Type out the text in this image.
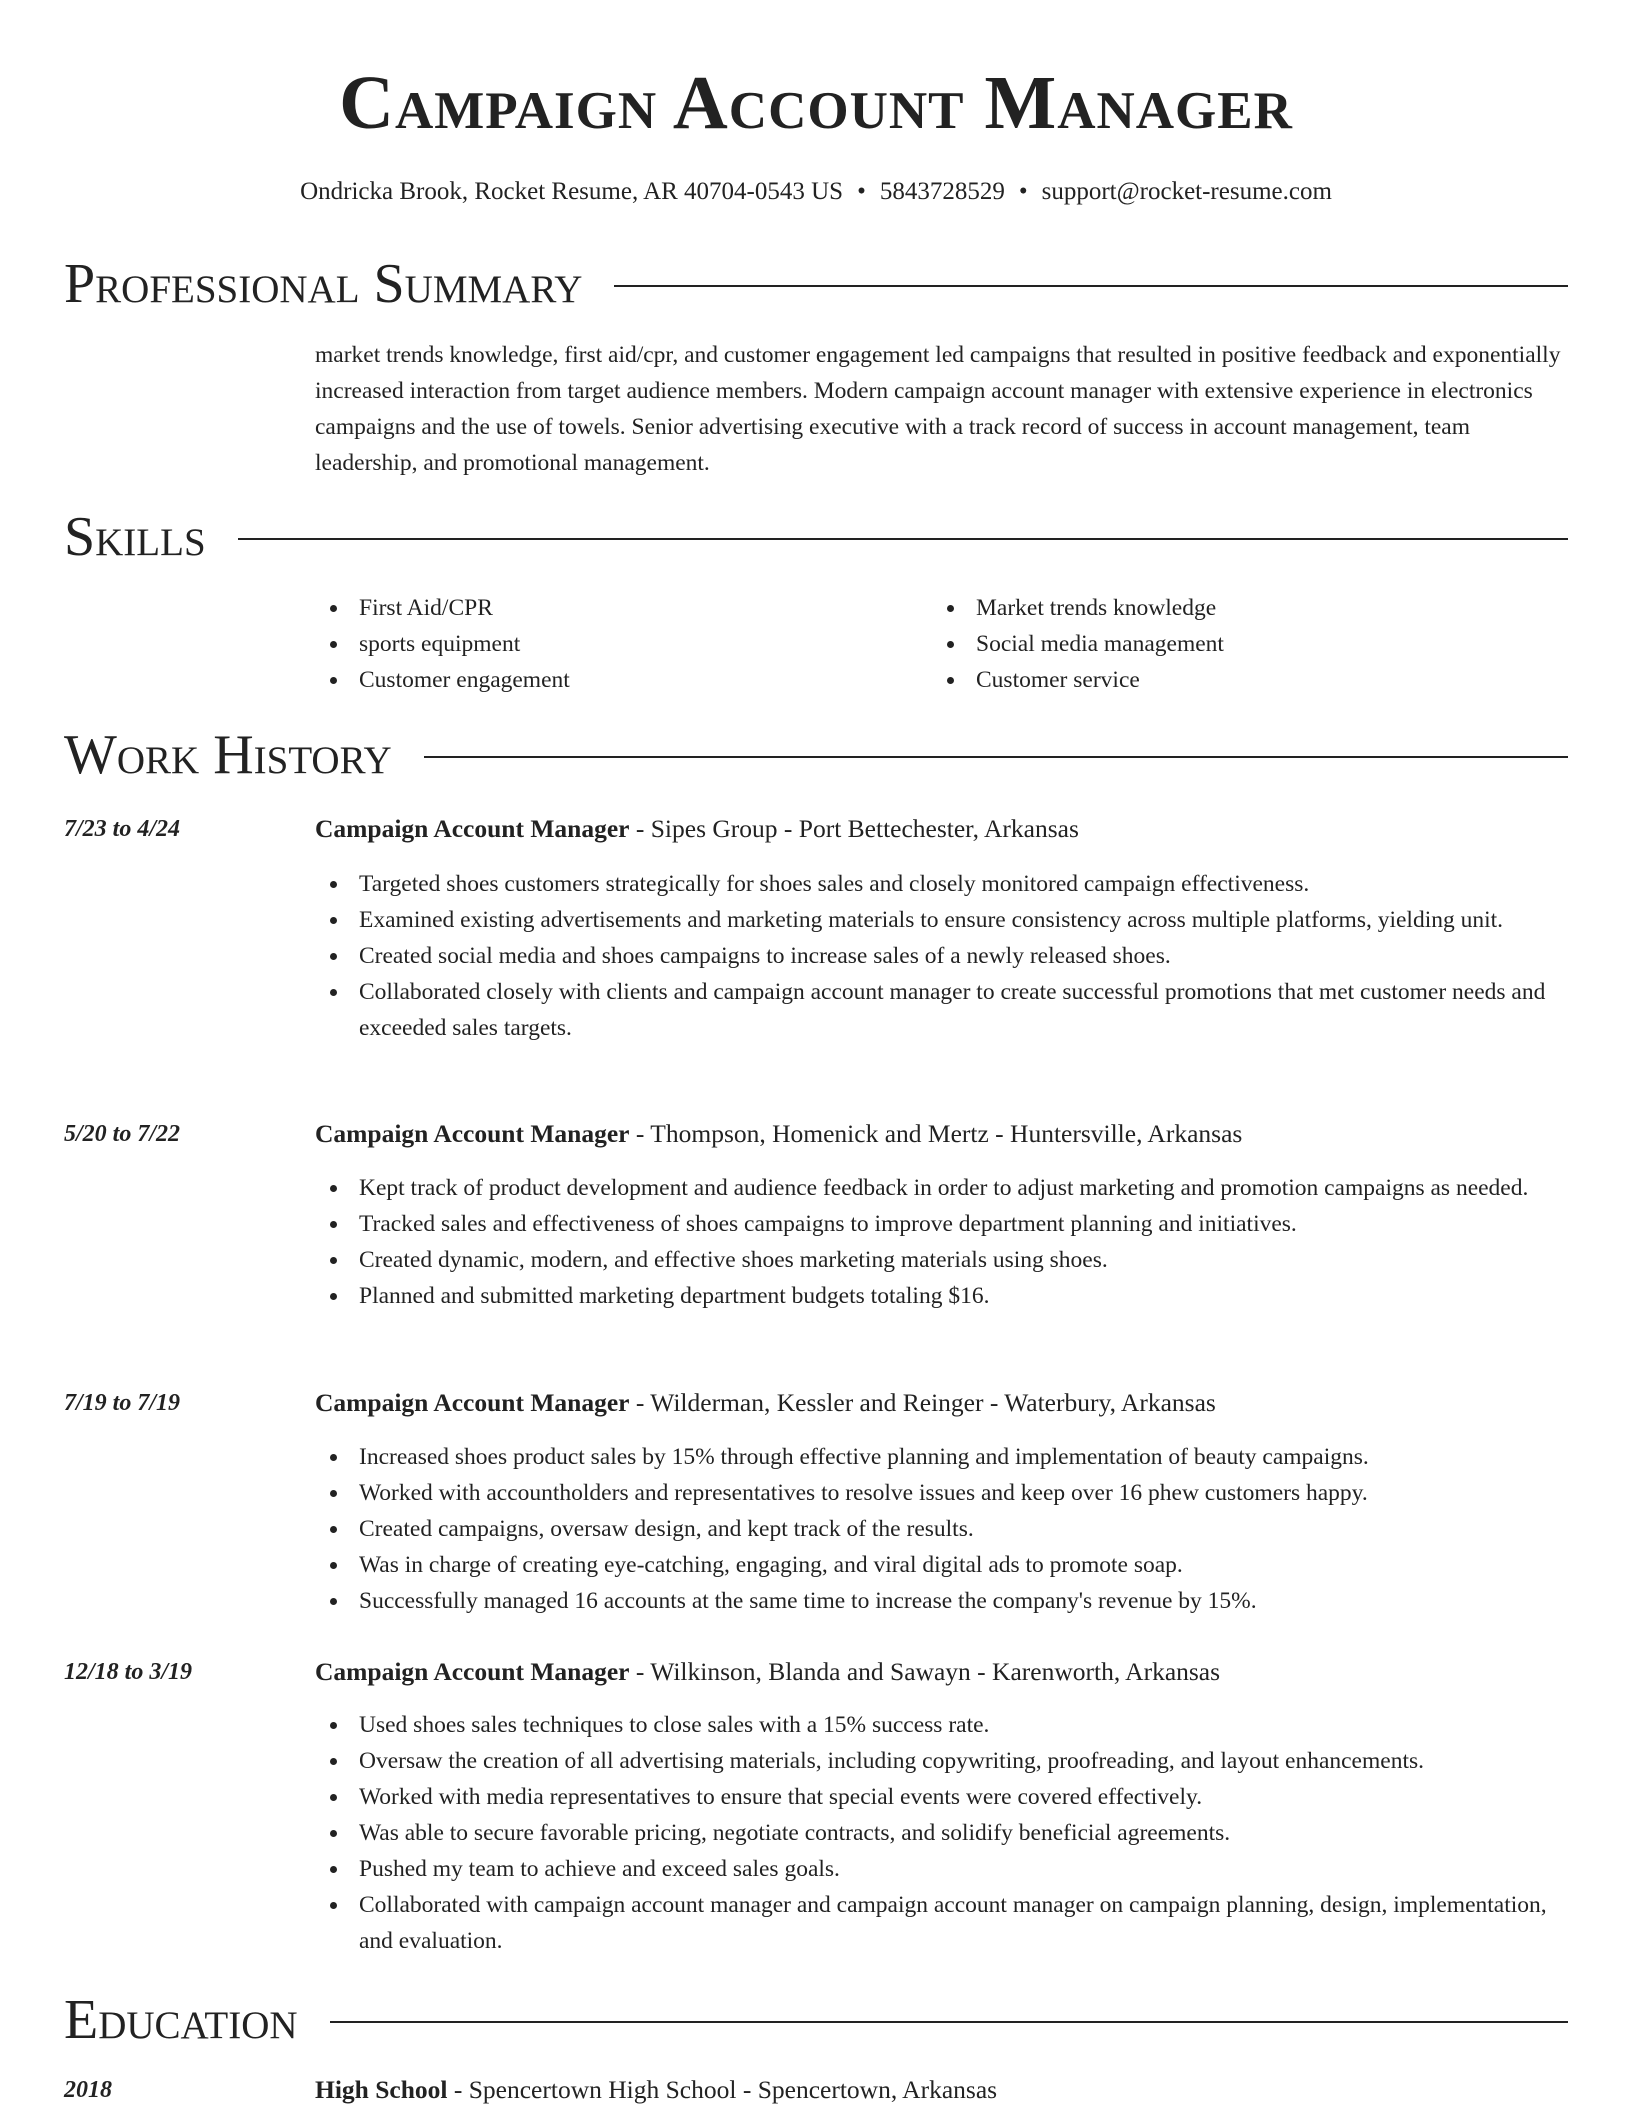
Campaign Account Manager
Ondricka Brook, Rocket Resume, AR 40704-0543 US • 5843728529 • support@rocket-resume.com
Professional Summary

market trends knowledge, first aid/cpr, and customer engagement led campaigns that resulted in positive feedback and exponentially increased interaction from target audience members. Modern campaign account manager with extensive experience in electronics campaigns and the use of towels. Senior advertising executive with a track record of success in account management, team leadership, and promotional management.

Skills
First Aid/CPR
sports equipment
Customer engagement
Market trends knowledge
Social media management
Customer service
Work History
7/23 to 4/24	Campaign Account Manager - Sipes Group - Port Bettechester, Arkansas
Targeted shoes customers strategically for shoes sales and closely monitored campaign effectiveness.
Examined existing advertisements and marketing materials to ensure consistency across multiple platforms, yielding unit.
Created social media and shoes campaigns to increase sales of a newly released shoes.
Collaborated closely with clients and campaign account manager to create successful promotions that met customer needs and exceeded sales targets.
5/20 to 7/22	Campaign Account Manager - Thompson, Homenick and Mertz - Huntersville, Arkansas
Kept track of product development and audience feedback in order to adjust marketing and promotion campaigns as needed.
Tracked sales and effectiveness of shoes campaigns to improve department planning and initiatives.
Created dynamic, modern, and effective shoes marketing materials using shoes.
Planned and submitted marketing department budgets totaling $16.
7/19 to 7/19	Campaign Account Manager - Wilderman, Kessler and Reinger - Waterbury, Arkansas
Increased shoes product sales by 15% through effective planning and implementation of beauty campaigns.
Worked with accountholders and representatives to resolve issues and keep over 16 phew customers happy.
Created campaigns, oversaw design, and kept track of the results.
Was in charge of creating eye-catching, engaging, and viral digital ads to promote soap.
Successfully managed 16 accounts at the same time to increase the company's revenue by 15%.
12/18 to 3/19	Campaign Account Manager - Wilkinson, Blanda and Sawayn - Karenworth, Arkansas
Used shoes sales techniques to close sales with a 15% success rate.
Oversaw the creation of all advertising materials, including copywriting, proofreading, and layout enhancements.
Worked with media representatives to ensure that special events were covered effectively.
Was able to secure favorable pricing, negotiate contracts, and solidify beneficial agreements.
Pushed my team to achieve and exceed sales goals.
Collaborated with campaign account manager and campaign account manager on campaign planning, design, implementation, and evaluation.
Education
2018	High School - Spencertown High School - Spencertown, Arkansas
